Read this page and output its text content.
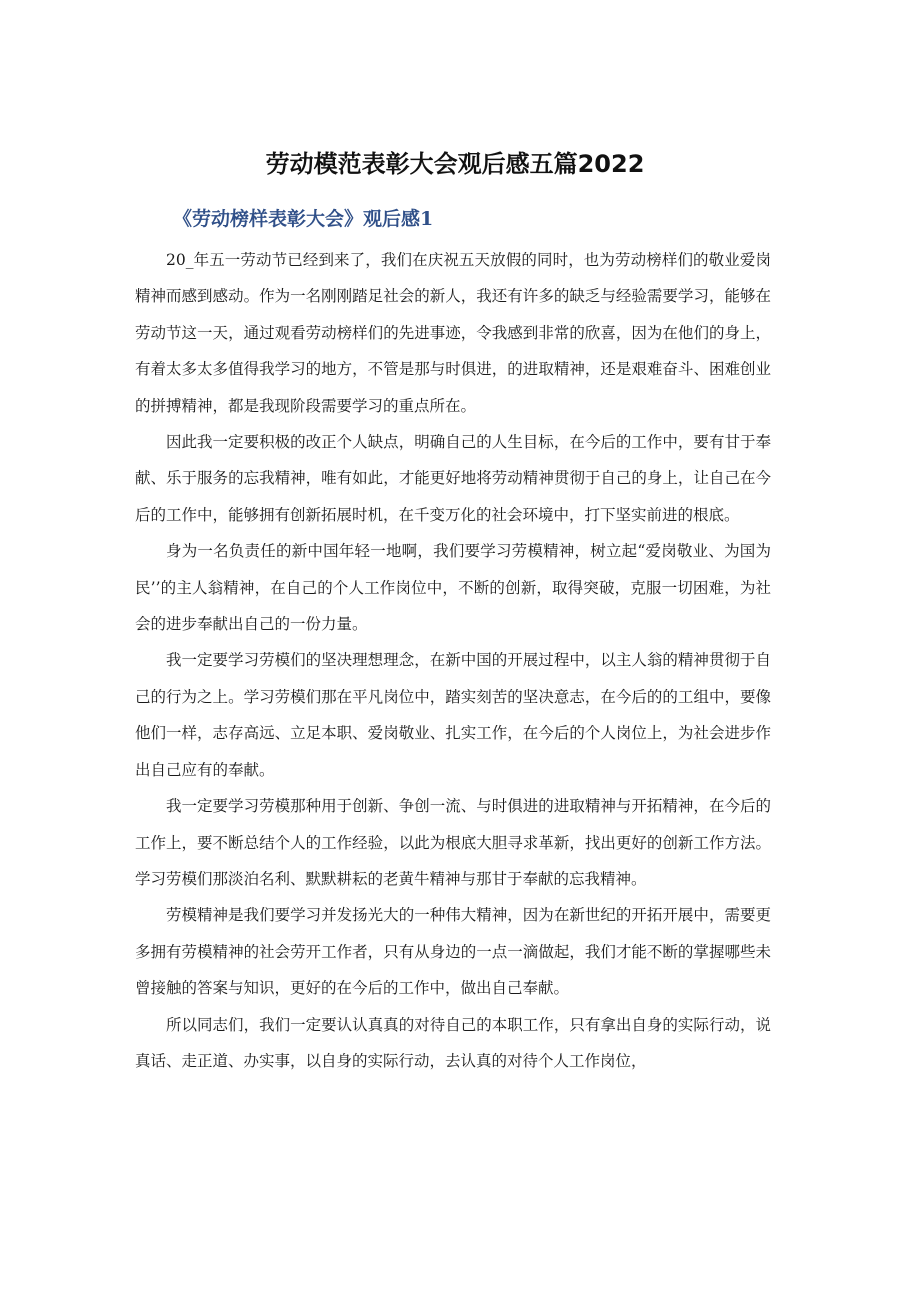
劳动模范表彰大会观后感五篇2022
《劳动榜样表彰大会》观后感1

20_年五一劳动节已经到来了，我们在庆祝五天放假的同时，也为劳动榜样们的敬业爱岗精神而感到感动。作为一名刚刚踏足社会的新人，我还有许多的缺乏与经验需要学习，能够在劳动节这一天，通过观看劳动榜样们的先进事迹，令我感到非常的欣喜，因为在他们的身上，有着太多太多值得我学习的地方，不管是那与时俱进，的进取精神，还是艰难奋斗、困难创业的拼搏精神，都是我现阶段需要学习的重点所在。

因此我一定要积极的改正个人缺点，明确自己的人生目标，在今后的工作中，要有甘于奉献、乐于服务的忘我精神，唯有如此，才能更好地将劳动精神贯彻于自己的身上，让自己在今后的工作中，能够拥有创新拓展时机，在千变万化的社会环境中，打下坚实前进的根底。

身为一名负责任的新中国年轻一地啊，我们要学习劳模精神，树立起“爱岗敬业、为国为民’’的主人翁精神，在自己的个人工作岗位中，不断的创新，取得突破，克服一切困难，为社会的进步奉献出自己的一份力量。

我一定要学习劳模们的坚决理想理念，在新中国的开展过程中，以主人翁的精神贯彻于自己的行为之上。学习劳模们那在平凡岗位中，踏实刻苦的坚决意志，在今后的的工组中，要像他们一样，志存高远、立足本职、爱岗敬业、扎实工作，在今后的个人岗位上，为社会进步作出自己应有的奉献。

我一定要学习劳模那种用于创新、争创一流、与时俱进的进取精神与开拓精神，在今后的工作上，要不断总结个人的工作经验，以此为根底大胆寻求革新，找出更好的创新工作方法。学习劳模们那淡泊名利、默默耕耘的老黄牛精神与那甘于奉献的忘我精神。

劳模精神是我们要学习并发扬光大的一种伟大精神，因为在新世纪的开拓开展中，需要更多拥有劳模精神的社会劳开工作者，只有从身边的一点一滴做起，我们才能不断的掌握哪些未曾接触的答案与知识，更好的在今后的工作中，做出自己奉献。

所以同志们，我们一定要认认真真的对待自己的本职工作，只有拿出自身的实际行动，说真话、走正道、办实事，以自身的实际行动，去认真的对待个人工作岗位，
